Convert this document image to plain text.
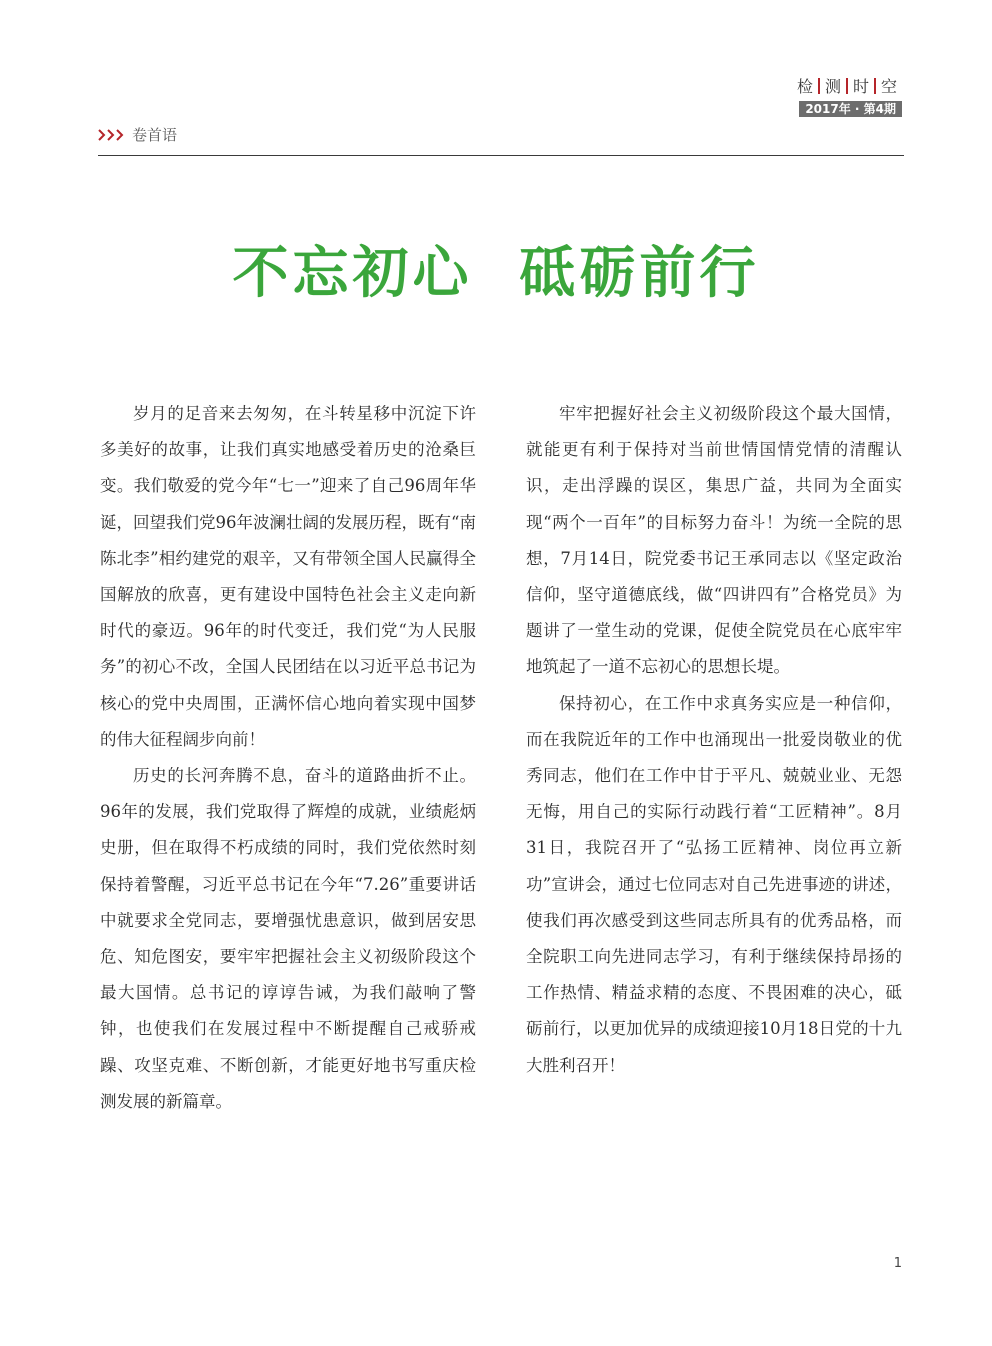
检 测 时 空
2017年 · 第4期
卷首语
不忘初心  砥砺前行

岁月的足音来去匆匆，在斗转星移中沉淀下许多美好的故事，让我们真实地感受着历史的沧桑巨变。我们敬爱的党今年“七一”迎来了自己96周年华诞，回望我们党96年波澜壮阔的发展历程，既有“南陈北李”相约建党的艰辛，又有带领全国人民赢得全国解放的欣喜，更有建设中国特色社会主义走向新时代的豪迈。96年的时代变迁，我们党“为人民服务”的初心不改，全国人民团结在以习近平总书记为核心的党中央周围，正满怀信心地向着实现中国梦的伟大征程阔步向前！

历史的长河奔腾不息，奋斗的道路曲折不止。96年的发展，我们党取得了辉煌的成就，业绩彪炳史册，但在取得不朽成绩的同时，我们党依然时刻保持着警醒，习近平总书记在今年“7.26”重要讲话中就要求全党同志，要增强忧患意识，做到居安思危、知危图安，要牢牢把握社会主义初级阶段这个最大国情。总书记的谆谆告诫，为我们敲响了警钟，也使我们在发展过程中不断提醒自己戒骄戒躁、攻坚克难、不断创新，才能更好地书写重庆检测发展的新篇章。

牢牢把握好社会主义初级阶段这个最大国情，就能更有利于保持对当前世情国情党情的清醒认识，走出浮躁的误区，集思广益，共同为全面实现“两个一百年”的目标努力奋斗！为统一全院的思想，7月14日，院党委书记王承同志以《坚定政治信仰，坚守道德底线，做“四讲四有”合格党员》为题讲了一堂生动的党课，促使全院党员在心底牢牢地筑起了一道不忘初心的思想长堤。

保持初心，在工作中求真务实应是一种信仰，而在我院近年的工作中也涌现出一批爱岗敬业的优秀同志，他们在工作中甘于平凡、兢兢业业、无怨无悔，用自己的实际行动践行着“工匠精神”。8月31日，我院召开了“弘扬工匠精神、岗位再立新功”宣讲会，通过七位同志对自己先进事迹的讲述，使我们再次感受到这些同志所具有的优秀品格，而全院职工向先进同志学习，有利于继续保持昂扬的工作热情、精益求精的态度、不畏困难的决心，砥砺前行，以更加优异的成绩迎接10月18日党的十九大胜利召开！

1
